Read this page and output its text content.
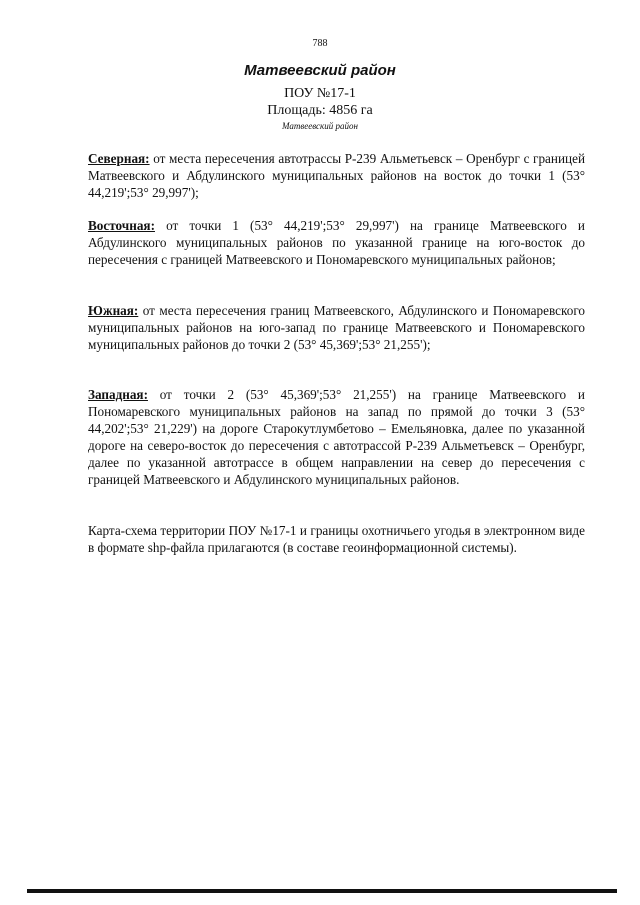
788
Матвеевский район
ПОУ №17-1
Площадь: 4856 га
Матвеевский район
Северная: от места пересечения автотрассы Р-239 Альметьевск – Оренбург с границей Матвеевского и Абдулинского муниципальных районов на восток до точки 1 (53° 44,219';53° 29,997');
Восточная: от точки 1 (53° 44,219';53° 29,997') на границе Матвеевского и Абдулинского муниципальных районов по указанной границе на юго-восток до пересечения с границей Матвеевского и Пономаревского муниципальных районов;
Южная: от места пересечения границ Матвеевского, Абдулинского и Пономаревского муниципальных районов на юго-запад по границе Матвеевского и Пономаревского муниципальных районов до точки 2 (53° 45,369';53° 21,255');
Западная: от точки 2 (53° 45,369';53° 21,255') на границе Матвеевского и Пономаревского муниципальных районов на запад по прямой до точки 3 (53° 44,202';53° 21,229') на дороге Старокутлумбетово – Емельяновка, далее по указанной дороге на северо-восток до пересечения с автотрассой Р-239 Альметьевск – Оренбург, далее по указанной автотрассе в общем направлении на север до пересечения с границей Матвеевского и Абдулинского муниципальных районов.
Карта-схема территории ПОУ №17-1 и границы охотничьего угодья в электронном виде в формате shp-файла прилагаются (в составе геоинформационной системы).
